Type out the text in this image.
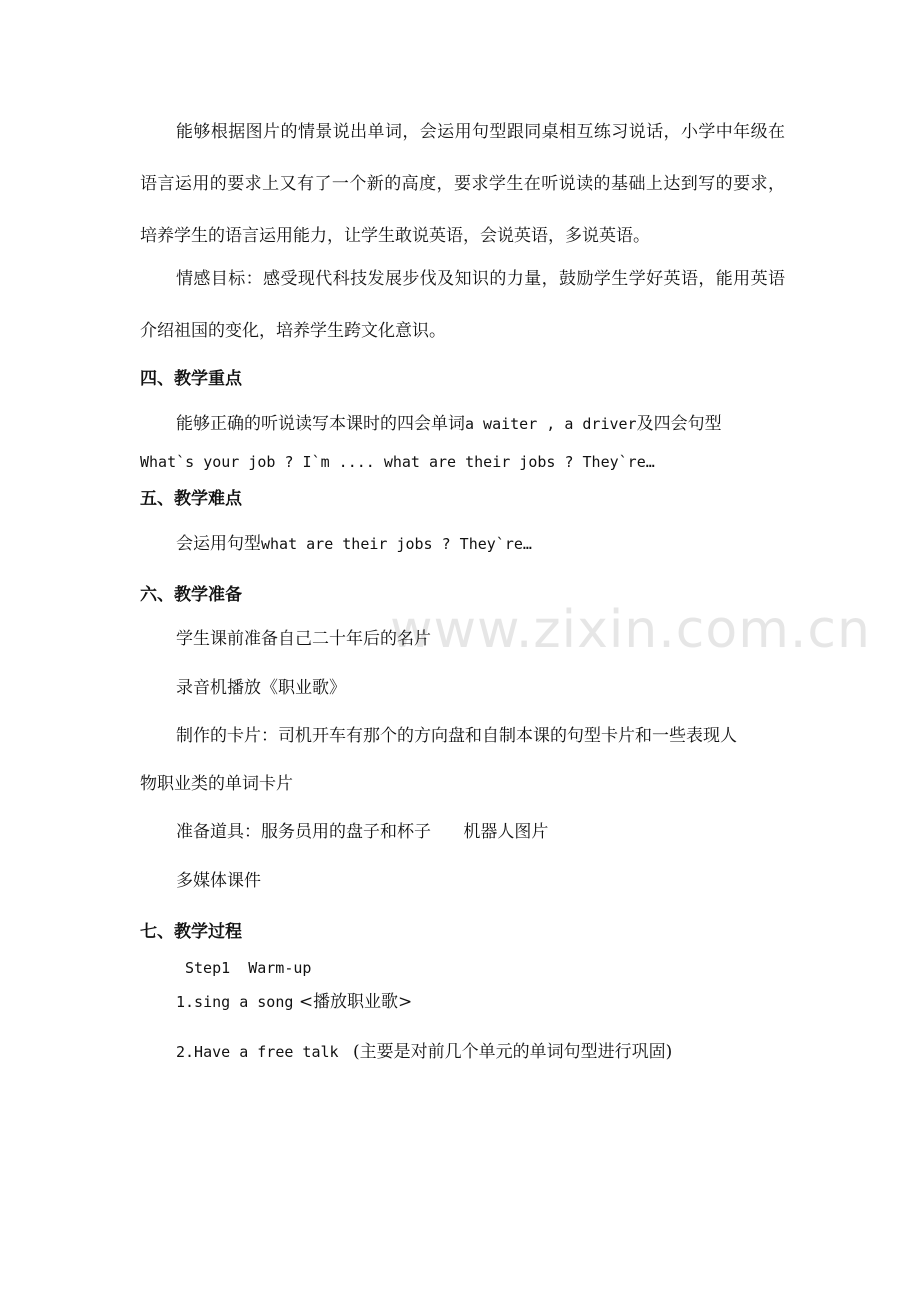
www.zixin.com.cn
能够根据图片的情景说出单词，会运用句型跟同桌相互练习说话，小学中年级在语言运用的要求上又有了一个新的高度，要求学生在听说读的基础上达到写的要求，培养学生的语言运用能力，让学生敢说英语，会说英语，多说英语。
情感目标：感受现代科技发展步伐及知识的力量，鼓励学生学好英语，能用英语介绍祖国的变化，培养学生跨文化意识。
四、教学重点
能够正确的听说读写本课时的四会单词a waiter , a driver及四会句型
What`s your job ? I`m .... what are their jobs ? They`re…
五、教学难点
会运用句型what are their jobs ? They`re…
六、教学准备
学生课前准备自己二十年后的名片
录音机播放《职业歌》
制作的卡片：司机开车有那个的方向盘和自制本课的句型卡片和一些表现人
物职业类的单词卡片
准备道具：服务员用的盘子和杯子      机器人图片
多媒体课件
七、教学过程
Step1  Warm-up
1.sing a song <播放职业歌>
2.Have a free talk  (主要是对前几个单元的单词句型进行巩固)
